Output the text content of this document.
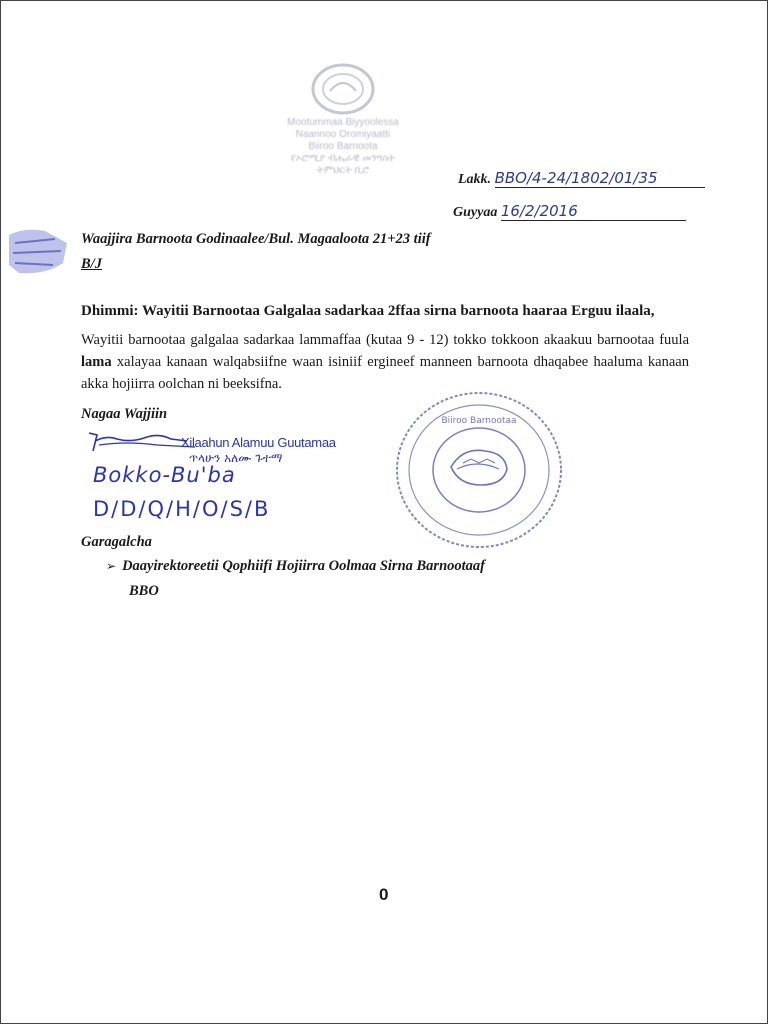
Mootummaa Biyyoolessa
Naannoo Oromiyaatti
Biiroo Barnoota
የኦሮሚያ ብሔራዊ መንግስት
ትምህርት ቢሮ
Lakk. BBO/4-24/1802/01/35
Guyyaa 16/2/2016
Waajjira Barnoota Godinaalee/Bul. Magaaloota 21+23 tiif
B/J
Dhimmi: Wayitii Barnootaa Galgalaa sadarkaa 2ffaa sirna barnoota haaraa Erguu ilaala,
Wayitii barnootaa galgalaa sadarkaa lammaffaa (kutaa 9 - 12) tokko tokkoon akaakuu barnootaa fuula lama xalayaa kanaan walqabsiifne waan isiniif ergineef manneen barnoota dhaqabee haaluma kanaan akka hojiirra oolchan ni beeksifna.
Nagaa Wajjiin
Xilaahun Alamuu Guutamaa
ጥላሁን አለሙ ጉተማ
Bokko-Bu'ba
D/D/Q/H/O/S/B
Biiroo Barnootaa
Garagalcha
➢ Daayirektoreetii Qophiifi Hojiirra Oolmaa Sirna Barnootaaf
BBO
0
